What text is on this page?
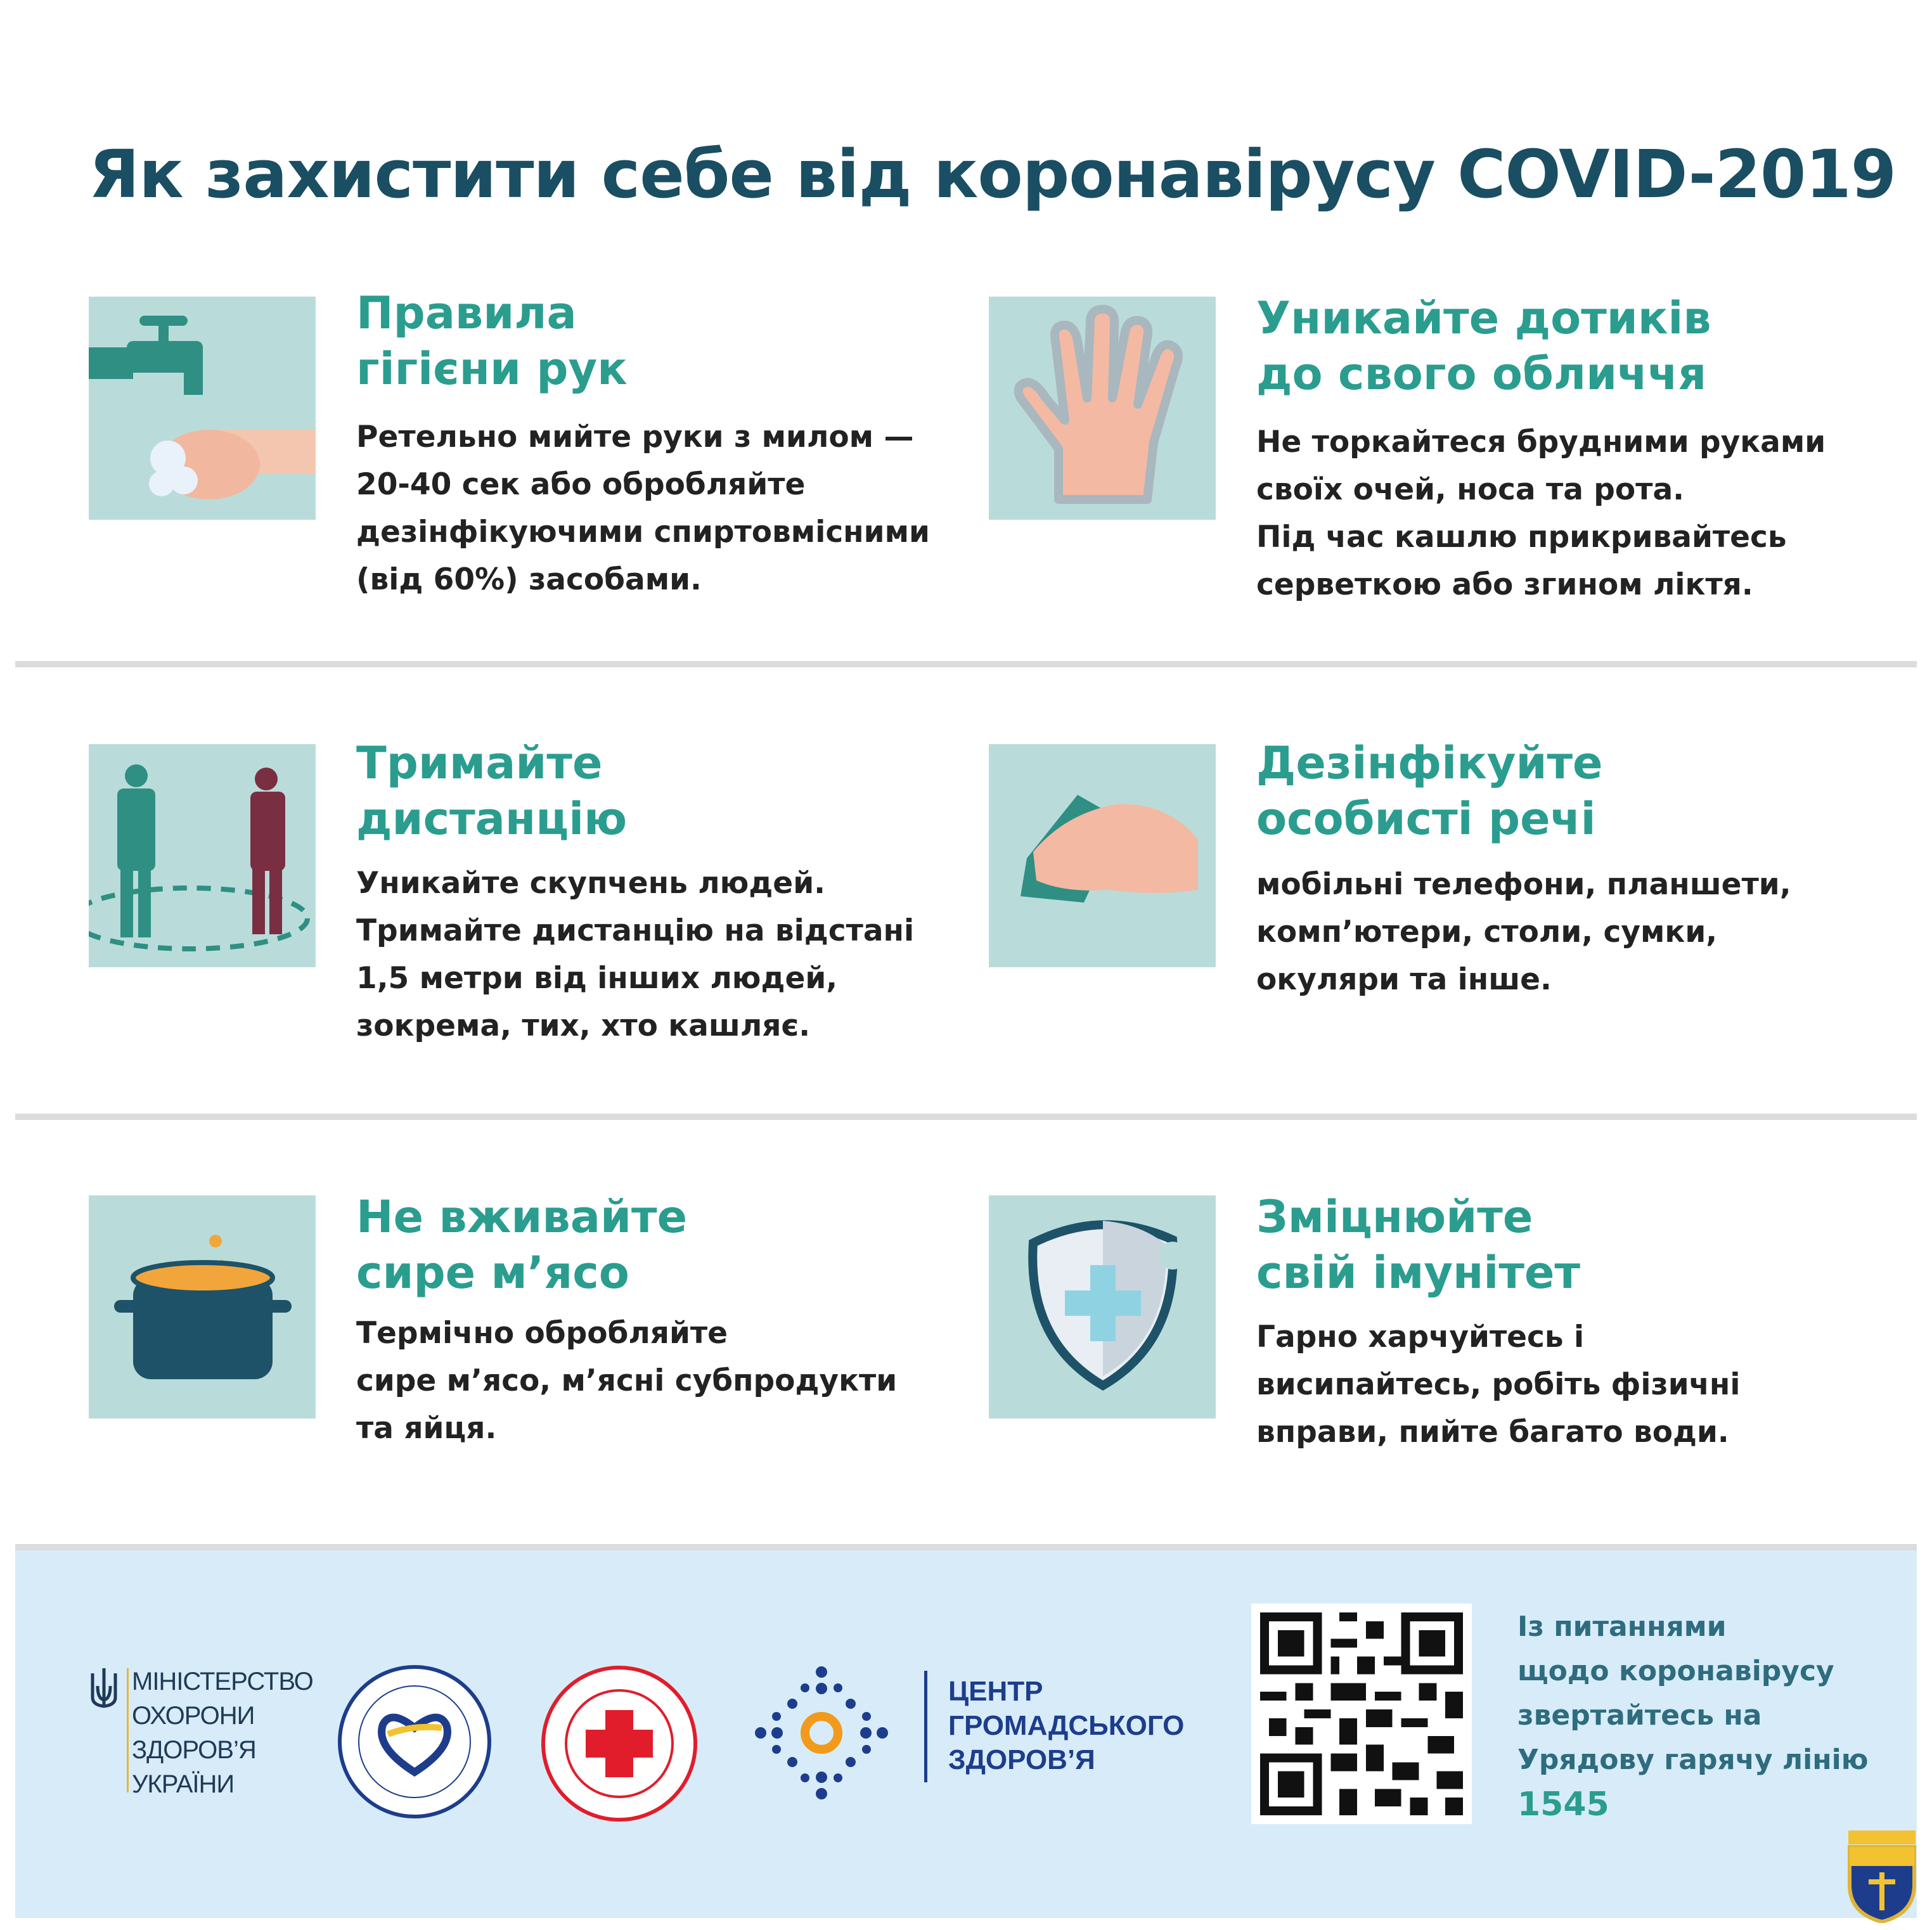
Як захистити себе від коронавірусу COVID-2019
Правила
гігієни рук
Ретельно мийте руки з милом —
20-40 сек або обробляйте
дезінфікуючими спиртовмісними
(від 60%) засобами.
Уникайте дотиків
до свого обличчя
Не торкайтеся брудними руками
своїх очей, носа та рота.
Під час кашлю прикривайтесь
серветкою або згином ліктя.
Тримайте
дистанцію
Уникайте скупчень людей.
Тримайте дистанцію на відстані
1,5 метри від інших людей,
зокрема, тих, хто кашляє.
Дезінфікуйте
особисті речі
мобільні телефони, планшети,
комп’ютери, столи, сумки,
окуляри та інше.
Не вживайте
сире м’ясо
Термічно обробляйте
сире м’ясо, м’ясні субпродукти
та яйця.
Зміцнюйте
свій імунітет
Гарно харчуйтесь і
висипайтесь, робіть фізичні
вправи, пийте багато води.
МІНІСТЕРСТВО
ОХОРОНИ
ЗДОРОВ’Я
УКРАЇНИ
ЦЕНТР
ГРОМАДСЬКОГО
ЗДОРОВ’Я
Із питаннями
щодо коронавірусу
звертайтесь на
Урядову гарячу лінію
1545
